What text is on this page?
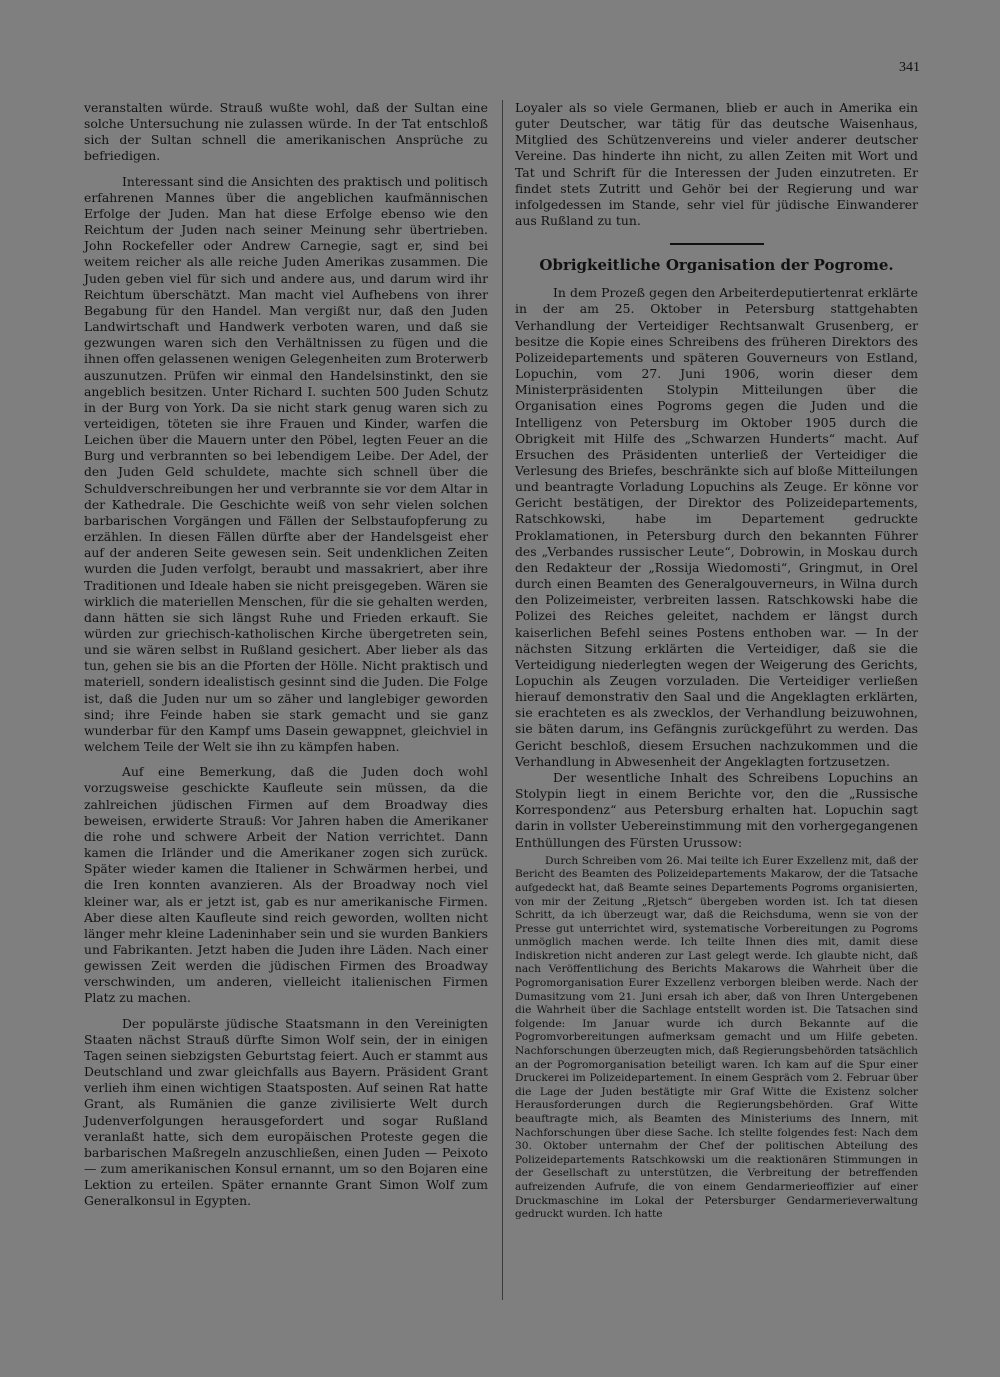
341

veranstalten würde. Strauß wußte wohl, daß der Sultan eine solche Untersuchung nie zulassen würde. In der Tat entschloß sich der Sultan schnell die amerikanischen Ansprüche zu befriedigen.

Interessant sind die Ansichten des praktisch und politisch erfahrenen Mannes über die angeblichen kaufmännischen Erfolge der Juden. Man hat diese Erfolge ebenso wie den Reichtum der Juden nach seiner Meinung sehr übertrieben. John Rockefeller oder Andrew Carnegie, sagt er, sind bei weitem reicher als alle reiche Juden Amerikas zusammen. Die Juden geben viel für sich und andere aus, und darum wird ihr Reichtum überschätzt. Man macht viel Aufhebens von ihrer Begabung für den Handel. Man vergißt nur, daß den Juden Landwirtschaft und Handwerk verboten waren, und daß sie gezwungen waren sich den Verhältnissen zu fügen und die ihnen offen gelassenen wenigen Gelegenheiten zum Broterwerb auszunutzen. Prüfen wir einmal den Handelsinstinkt, den sie angeblich besitzen. Unter Richard I. suchten 500 Juden Schutz in der Burg von York. Da sie nicht stark genug waren sich zu verteidigen, töteten sie ihre Frauen und Kinder, warfen die Leichen über die Mauern unter den Pöbel, legten Feuer an die Burg und verbrannten so bei lebendigem Leibe. Der Adel, der den Juden Geld schuldete, machte sich schnell über die Schuldverschreibungen her und verbrannte sie vor dem Altar in der Kathedrale. Die Geschichte weiß von sehr vielen solchen barbarischen Vorgängen und Fällen der Selbstaufopferung zu erzählen. In diesen Fällen dürfte aber der Handelsgeist eher auf der anderen Seite gewesen sein. Seit undenklichen Zeiten wurden die Juden verfolgt, beraubt und massakriert, aber ihre Traditionen und Ideale haben sie nicht preisgegeben. Wären sie wirklich die materiellen Menschen, für die sie gehalten werden, dann hätten sie sich längst Ruhe und Frieden erkauft. Sie würden zur griechisch-katholischen Kirche übergetreten sein, und sie wären selbst in Rußland gesichert. Aber lieber als das tun, gehen sie bis an die Pforten der Hölle. Nicht praktisch und materiell, sondern idealistisch gesinnt sind die Juden. Die Folge ist, daß die Juden nur um so zäher und langlebiger geworden sind; ihre Feinde haben sie stark gemacht und sie ganz wunderbar für den Kampf ums Dasein gewappnet, gleichviel in welchem Teile der Welt sie ihn zu kämpfen haben.

Auf eine Bemerkung, daß die Juden doch wohl vorzugsweise geschickte Kaufleute sein müssen, da die zahlreichen jüdischen Firmen auf dem Broadway dies beweisen, erwiderte Strauß: Vor Jahren haben die Amerikaner die rohe und schwere Arbeit der Nation verrichtet. Dann kamen die Irländer und die Amerikaner zogen sich zurück. Später wieder kamen die Italiener in Schwärmen herbei, und die Iren konnten avanzieren. Als der Broadway noch viel kleiner war, als er jetzt ist, gab es nur amerikanische Firmen. Aber diese alten Kaufleute sind reich geworden, wollten nicht länger mehr kleine Ladeninhaber sein und sie wurden Bankiers und Fabrikanten. Jetzt haben die Juden ihre Läden. Nach einer gewissen Zeit werden die jüdischen Firmen des Broadway verschwinden, um anderen, vielleicht italienischen Firmen Platz zu machen.

Der populärste jüdische Staatsmann in den Vereinigten Staaten nächst Strauß dürfte Simon Wolf sein, der in einigen Tagen seinen siebzigsten Geburtstag feiert. Auch er stammt aus Deutschland und zwar gleichfalls aus Bayern. Präsident Grant verlieh ihm einen wichtigen Staatsposten. Auf seinen Rat hatte Grant, als Rumänien die ganze zivilisierte Welt durch Judenverfolgungen herausgefordert und sogar Rußland veranlaßt hatte, sich dem europäischen Proteste gegen die barbarischen Maßregeln anzuschließen, einen Juden — Peixoto — zum amerikanischen Konsul ernannt, um so den Bojaren eine Lektion zu erteilen. Später ernannte Grant Simon Wolf zum Generalkonsul in Egypten.

Loyaler als so viele Germanen, blieb er auch in Amerika ein guter Deutscher, war tätig für das deutsche Waisenhaus, Mitglied des Schützenvereins und vieler anderer deutscher Vereine. Das hinderte ihn nicht, zu allen Zeiten mit Wort und Tat und Schrift für die Interessen der Juden einzutreten. Er findet stets Zutritt und Gehör bei der Regierung und war infolgedessen im Stande, sehr viel für jüdische Einwanderer aus Rußland zu tun.

Obrigkeitliche Organisation der Pogrome.

In dem Prozeß gegen den Arbeiterdeputiertenrat erklärte in der am 25. Oktober in Petersburg stattgehabten Verhandlung der Verteidiger Rechtsanwalt Grusenberg, er besitze die Kopie eines Schreibens des früheren Direktors des Polizeidepartements und späteren Gouverneurs von Estland, Lopuchin, vom 27. Juni 1906, worin dieser dem Ministerpräsidenten Stolypin Mitteilungen über die Organisation eines Pogroms gegen die Juden und die Intelligenz von Petersburg im Oktober 1905 durch die Obrigkeit mit Hilfe des „Schwarzen Hunderts“ macht. Auf Ersuchen des Präsidenten unterließ der Verteidiger die Verlesung des Briefes, beschränkte sich auf bloße Mitteilungen und beantragte Vorladung Lopuchins als Zeuge. Er könne vor Gericht bestätigen, der Direktor des Polizeidepartements, Ratschkowski, habe im Departement gedruckte Proklamationen, in Petersburg durch den bekannten Führer des „Verbandes russischer Leute“, Dobrowin, in Moskau durch den Redakteur der „Rossija Wiedomosti“, Gringmut, in Orel durch einen Beamten des Generalgouverneurs, in Wilna durch den Polizeimeister, verbreiten lassen. Ratschkowski habe die Polizei des Reiches geleitet, nachdem er längst durch kaiserlichen Befehl seines Postens enthoben war. — In der nächsten Sitzung erklärten die Verteidiger, daß sie die Verteidigung niederlegten wegen der Weigerung des Gerichts, Lopuchin als Zeugen vorzuladen. Die Verteidiger verließen hierauf demonstrativ den Saal und die Angeklagten erklärten, sie erachteten es als zwecklos, der Verhandlung beizuwohnen, sie bäten darum, ins Gefängnis zurückgeführt zu werden. Das Gericht beschloß, diesem Ersuchen nachzukommen und die Verhandlung in Abwesenheit der Angeklagten fortzusetzen.

Der wesentliche Inhalt des Schreibens Lopuchins an Stolypin liegt in einem Berichte vor, den die „Russische Korrespondenz“ aus Petersburg erhalten hat. Lopuchin sagt darin in vollster Uebereinstimmung mit den vorhergegangenen Enthüllungen des Fürsten Urussow:

Durch Schreiben vom 26. Mai teilte ich Eurer Exzellenz mit, daß der Bericht des Beamten des Polizeidepartements Makarow, der die Tatsache aufgedeckt hat, daß Beamte seines Departements Pogroms organisierten, von mir der Zeitung „Rjetsch“ übergeben worden ist. Ich tat diesen Schritt, da ich überzeugt war, daß die Reichsduma, wenn sie von der Presse gut unterrichtet wird, systematische Vorbereitungen zu Pogroms unmöglich machen werde. Ich teilte Ihnen dies mit, damit diese Indiskretion nicht anderen zur Last gelegt werde. Ich glaubte nicht, daß nach Veröffentlichung des Berichts Makarows die Wahrheit über die Pogromorganisation Eurer Exzellenz verborgen bleiben werde. Nach der Dumasitzung vom 21. Juni ersah ich aber, daß von Ihren Untergebenen die Wahrheit über die Sachlage entstellt worden ist. Die Tatsachen sind folgende: Im Januar wurde ich durch Bekannte auf die Pogromvorbereitungen aufmerksam gemacht und um Hilfe gebeten. Nachforschungen überzeugten mich, daß Regierungsbehörden tatsächlich an der Pogromorganisation beteiligt waren. Ich kam auf die Spur einer Druckerei im Polizeidepartement. In einem Gespräch vom 2. Februar über die Lage der Juden bestätigte mir Graf Witte die Existenz solcher Herausforderungen durch die Regierungsbehörden. Graf Witte beauftragte mich, als Beamten des Ministeriums des Innern, mit Nachforschungen über diese Sache. Ich stellte folgendes fest: Nach dem 30. Oktober unternahm der Chef der politischen Abteilung des Polizeidepartements Ratschkowski um die reaktionären Stimmungen in der Gesellschaft zu unterstützen, die Verbreitung der betreffenden aufreizenden Aufrufe, die von einem Gendarmerieoffizier auf einer Druckmaschine im Lokal der Petersburger Gendarmerieverwaltung gedruckt wurden. Ich hatte
